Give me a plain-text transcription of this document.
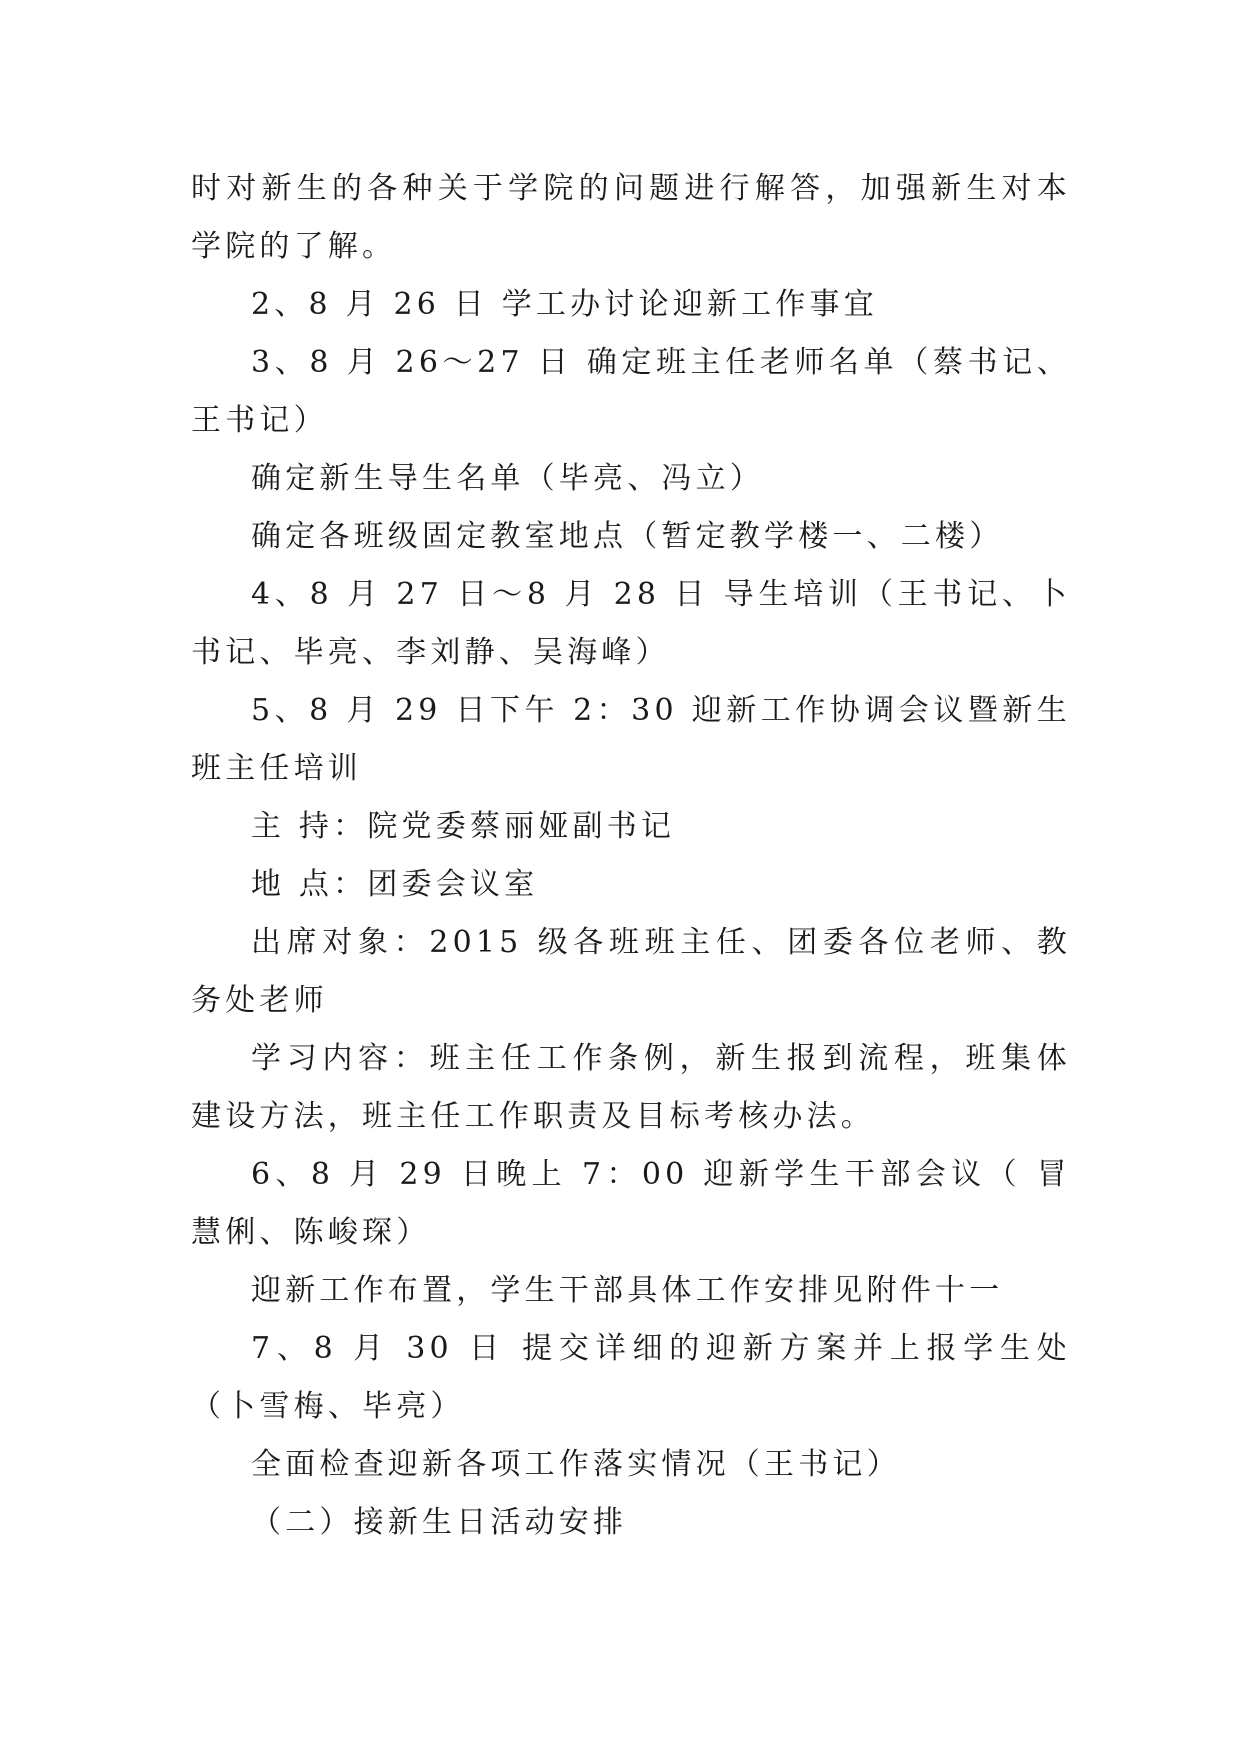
时对新生的各种关于学院的问题进行解答，加强新生对本学院的了解。

2、8 月 26 日 学工办讨论迎新工作事宜

3、8 月 26～27 日 确定班主任老师名单（蔡书记、王书记）

确定新生导生名单（毕亮、冯立）

确定各班级固定教室地点（暂定教学楼一、二楼）

4、8 月 27 日～8 月 28 日 导生培训（王书记、卜书记、毕亮、李刘静、吴海峰）

5、8 月 29 日下午 2：30 迎新工作协调会议暨新生班主任培训

主 持：院党委蔡丽娅副书记

地 点：团委会议室

出席对象：2015 级各班班主任、团委各位老师、教务处老师

学习内容：班主任工作条例，新生报到流程，班集体建设方法，班主任工作职责及目标考核办法。

6、8 月 29 日晚上 7：00 迎新学生干部会议（ 冒慧俐、陈峻琛）

迎新工作布置，学生干部具体工作安排见附件十一

7、8 月 30 日 提交详细的迎新方案并上报学生处（卜雪梅、毕亮）

全面检查迎新各项工作落实情况（王书记）

（二）接新生日活动安排
